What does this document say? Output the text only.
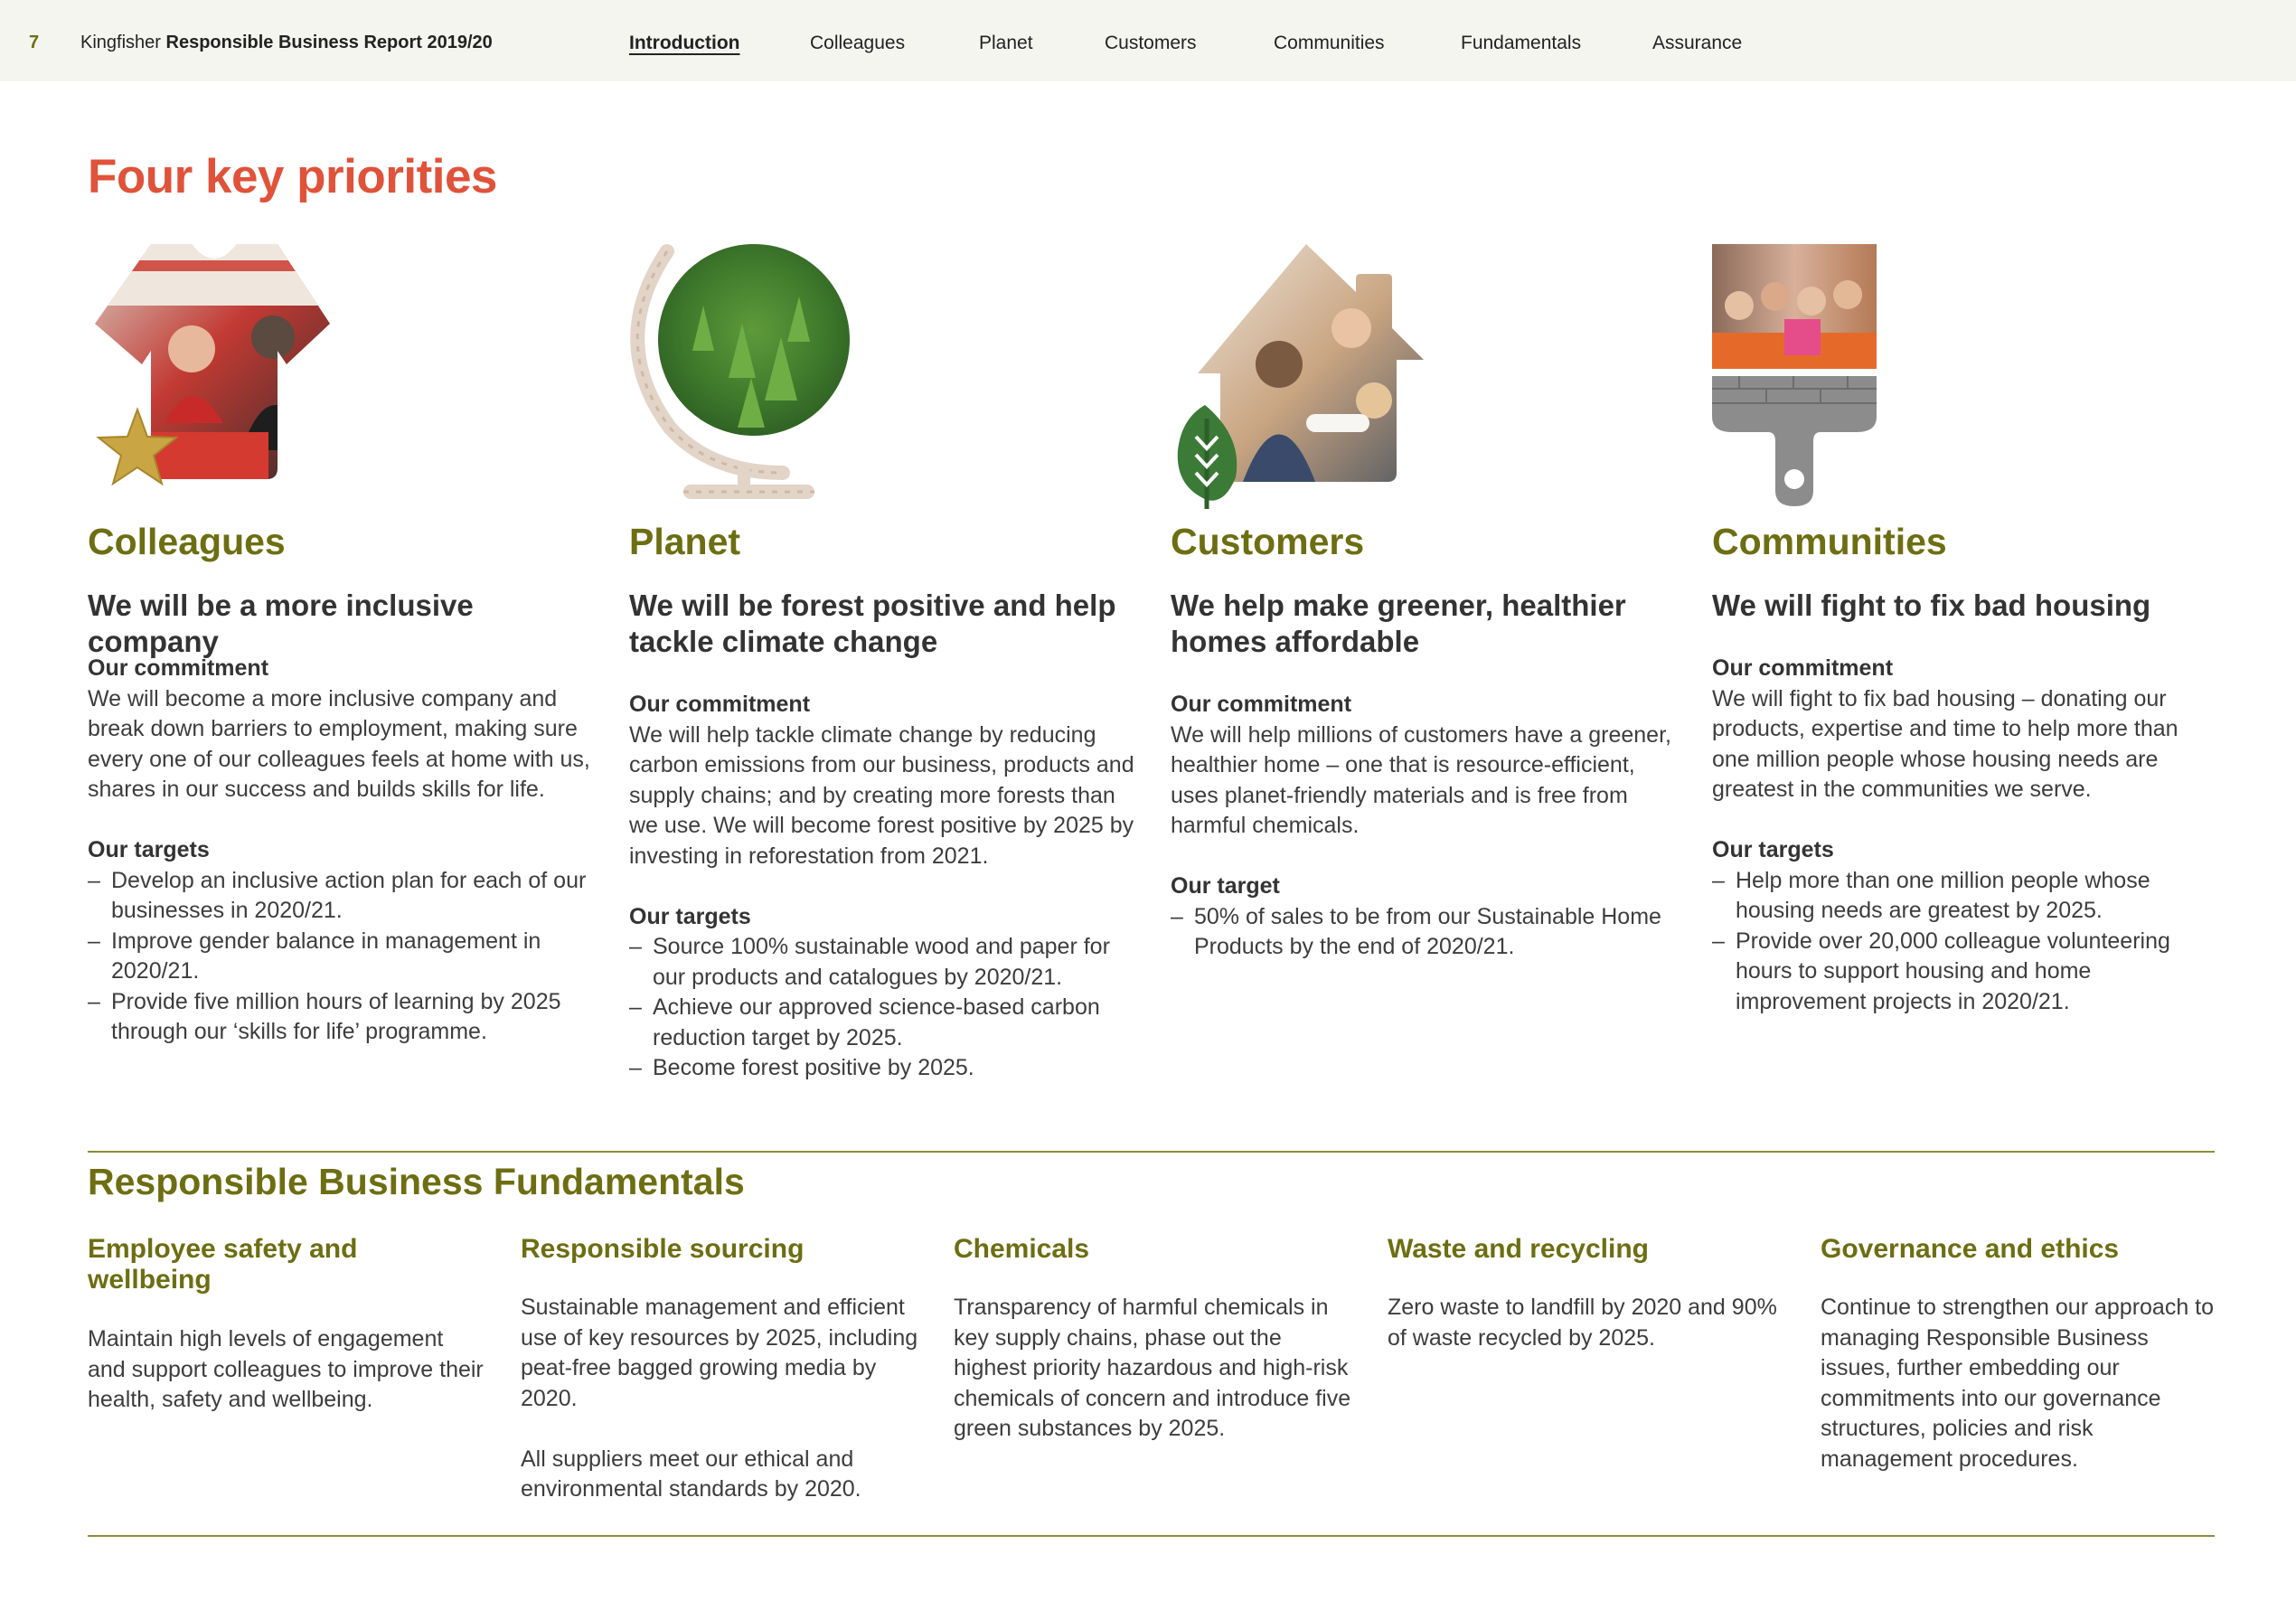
7 Kingfisher Responsible Business Report 2019/20	Introduction	Colleagues	Planet	Customers	Communities	Fundamentals	Assurance
Four key priorities
Colleagues
We will be a more inclusive company
Our commitment

We will become a more inclusive company and break down barriers to employment, making sure every one of our colleagues feels at home with us, shares in our success and builds skills for life.

Our targets
– Develop an inclusive action plan for each of our businesses in 2020/21.
– Improve gender balance in management in 2020/21.
– Provide five million hours of learning by 2025 through our ‘skills for life’ programme.
Planet
We will be forest positive and help tackle climate change
Our commitment

We will help tackle climate change by reducing carbon emissions from our business, products and supply chains; and by creating more forests than we use. We will become forest positive by 2025 by investing in reforestation from 2021.

Our targets
– Source 100% sustainable wood and paper for our products and catalogues by 2020/21.
– Achieve our approved science-based carbon reduction target by 2025.
– Become forest positive by 2025.
Customers
We help make greener, healthier homes affordable
Our commitment

We will help millions of customers have a greener, healthier home – one that is resource-efficient, uses planet-friendly materials and is free from harmful chemicals.

Our target
– 50% of sales to be from our Sustainable Home Products by the end of 2020/21.
Communities
We will fight to fix bad housing
Our commitment

We will fight to fix bad housing – donating our products, expertise and time to help more than one million people whose housing needs are greatest in the communities we serve.

Our targets
– Help more than one million people whose housing needs are greatest by 2025.
– Provide over 20,000 colleague volunteering hours to support housing and home improvement projects in 2020/21.
Responsible Business Fundamentals
Employee safety and wellbeing

Maintain high levels of engagement and support colleagues to improve their health, safety and wellbeing.

Responsible sourcing

Sustainable management and efficient use of key resources by 2025, including peat-free bagged growing media by 2020.

All suppliers meet our ethical and environmental standards by 2020.

Chemicals

Transparency of harmful chemicals in key supply chains, phase out the highest priority hazardous and high-risk chemicals of concern and introduce five green substances by 2025.

Waste and recycling

Zero waste to landfill by 2020 and 90% of waste recycled by 2025.

Governance and ethics

Continue to strengthen our approach to managing Responsible Business issues, further embedding our commitments into our governance structures, policies and risk management procedures.
